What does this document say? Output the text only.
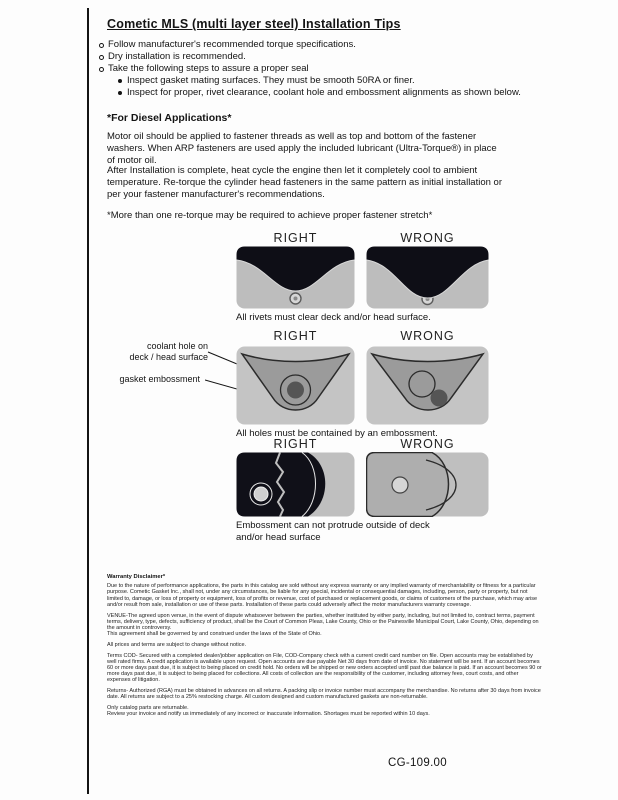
Cometic MLS (multi layer steel) Installation Tips
Follow manufacturer's recommended torque specifications.
Dry installation is recommended.
Take the following steps to assure a proper seal
Inspect gasket mating surfaces. They must be smooth 50RA or finer.
Inspect for proper, rivet clearance, coolant hole and embossment alignments as shown below.
*For Diesel Applications*
Motor oil should be applied to fastener threads as well as top and bottom of the fastener washers. When ARP fasteners are used apply the included lubricant (Ultra-Torque®) in place of motor oil.
After Installation is complete, heat cycle the engine then let it completely cool to ambient temperature. Re-torque the cylinder head fasteners in the same pattern as initial installation or per your fastener manufacturer's recommendations.
*More than one re-torque may be required to achieve proper fastener stretch*
RIGHT	WRONG
All rivets must clear deck and/or head surface.
RIGHT	WRONG
coolant hole on
deck / head surface
gasket embossment
All holes must be contained by an embossment.
RIGHT	WRONG
Embossment can not protrude outside of deck
and/or head surface
Warranty Disclaimer*

Due to the nature of performance applications, the parts in this catalog are sold without any express warranty or any implied warranty of merchantability or fitness for a particular purpose. Cometic Gasket Inc., shall not, under any circumstances, be liable for any special, incidental or consequential damages, including, person, party or property, but not limited to, damage, or loss of property or equipment, loss of profits or revenue, cost of purchased or replacement goods, or claims of customers of the purchase, which may arise and/or result from sale, installation or use of these parts. Installation of these parts could adversely affect the motor manufacturers warranty coverage.

VENUE-The agreed upon venue, in the event of dispute whatsoever between the parties, whether instituted by either party, including, but not limited to, contract terms, payment terms, delivery, type, defects, sufficiency of product, shall be the Court of Common Pleas, Lake County, Ohio or the Painesville Municipal Court, Lake County, Ohio, depending on the amount in controversy.

This agreement shall be governed by and construed under the laws of the State of Ohio.

All prices and terms are subject to change without notice.

Terms COD- Secured with a completed dealer/jobber application on File, COD-Company check with a current credit card number on file. Open accounts may be established by well rated firms. A credit application is available upon request. Open accounts are due payable Net 30 days from date of invoice. No statement will be sent. If an account becomes 60 or more days past due, it is subject to being placed on credit hold. No orders will be shipped or new orders accepted until past due balance is paid. If an account becomes 90 or more days past due, it is subject to being placed for collections. All costs of collection are the responsibility of the customer, including attorney fees, court costs, and other expenses of litigation.

Returns- Authorized (RGA) must be obtained in advances on all returns. A packing slip or invoice number must accompany the merchandise. No returns after 30 days from invoice date. All returns are subject to a 25% restocking charge. All custom designed and custom manufactured gaskets are non-returnable.

Only catalog parts are returnable.

Review your invoice and notify us immediately of any incorrect or inaccurate information. Shortages must be reported within 10 days.

CG-109.00
